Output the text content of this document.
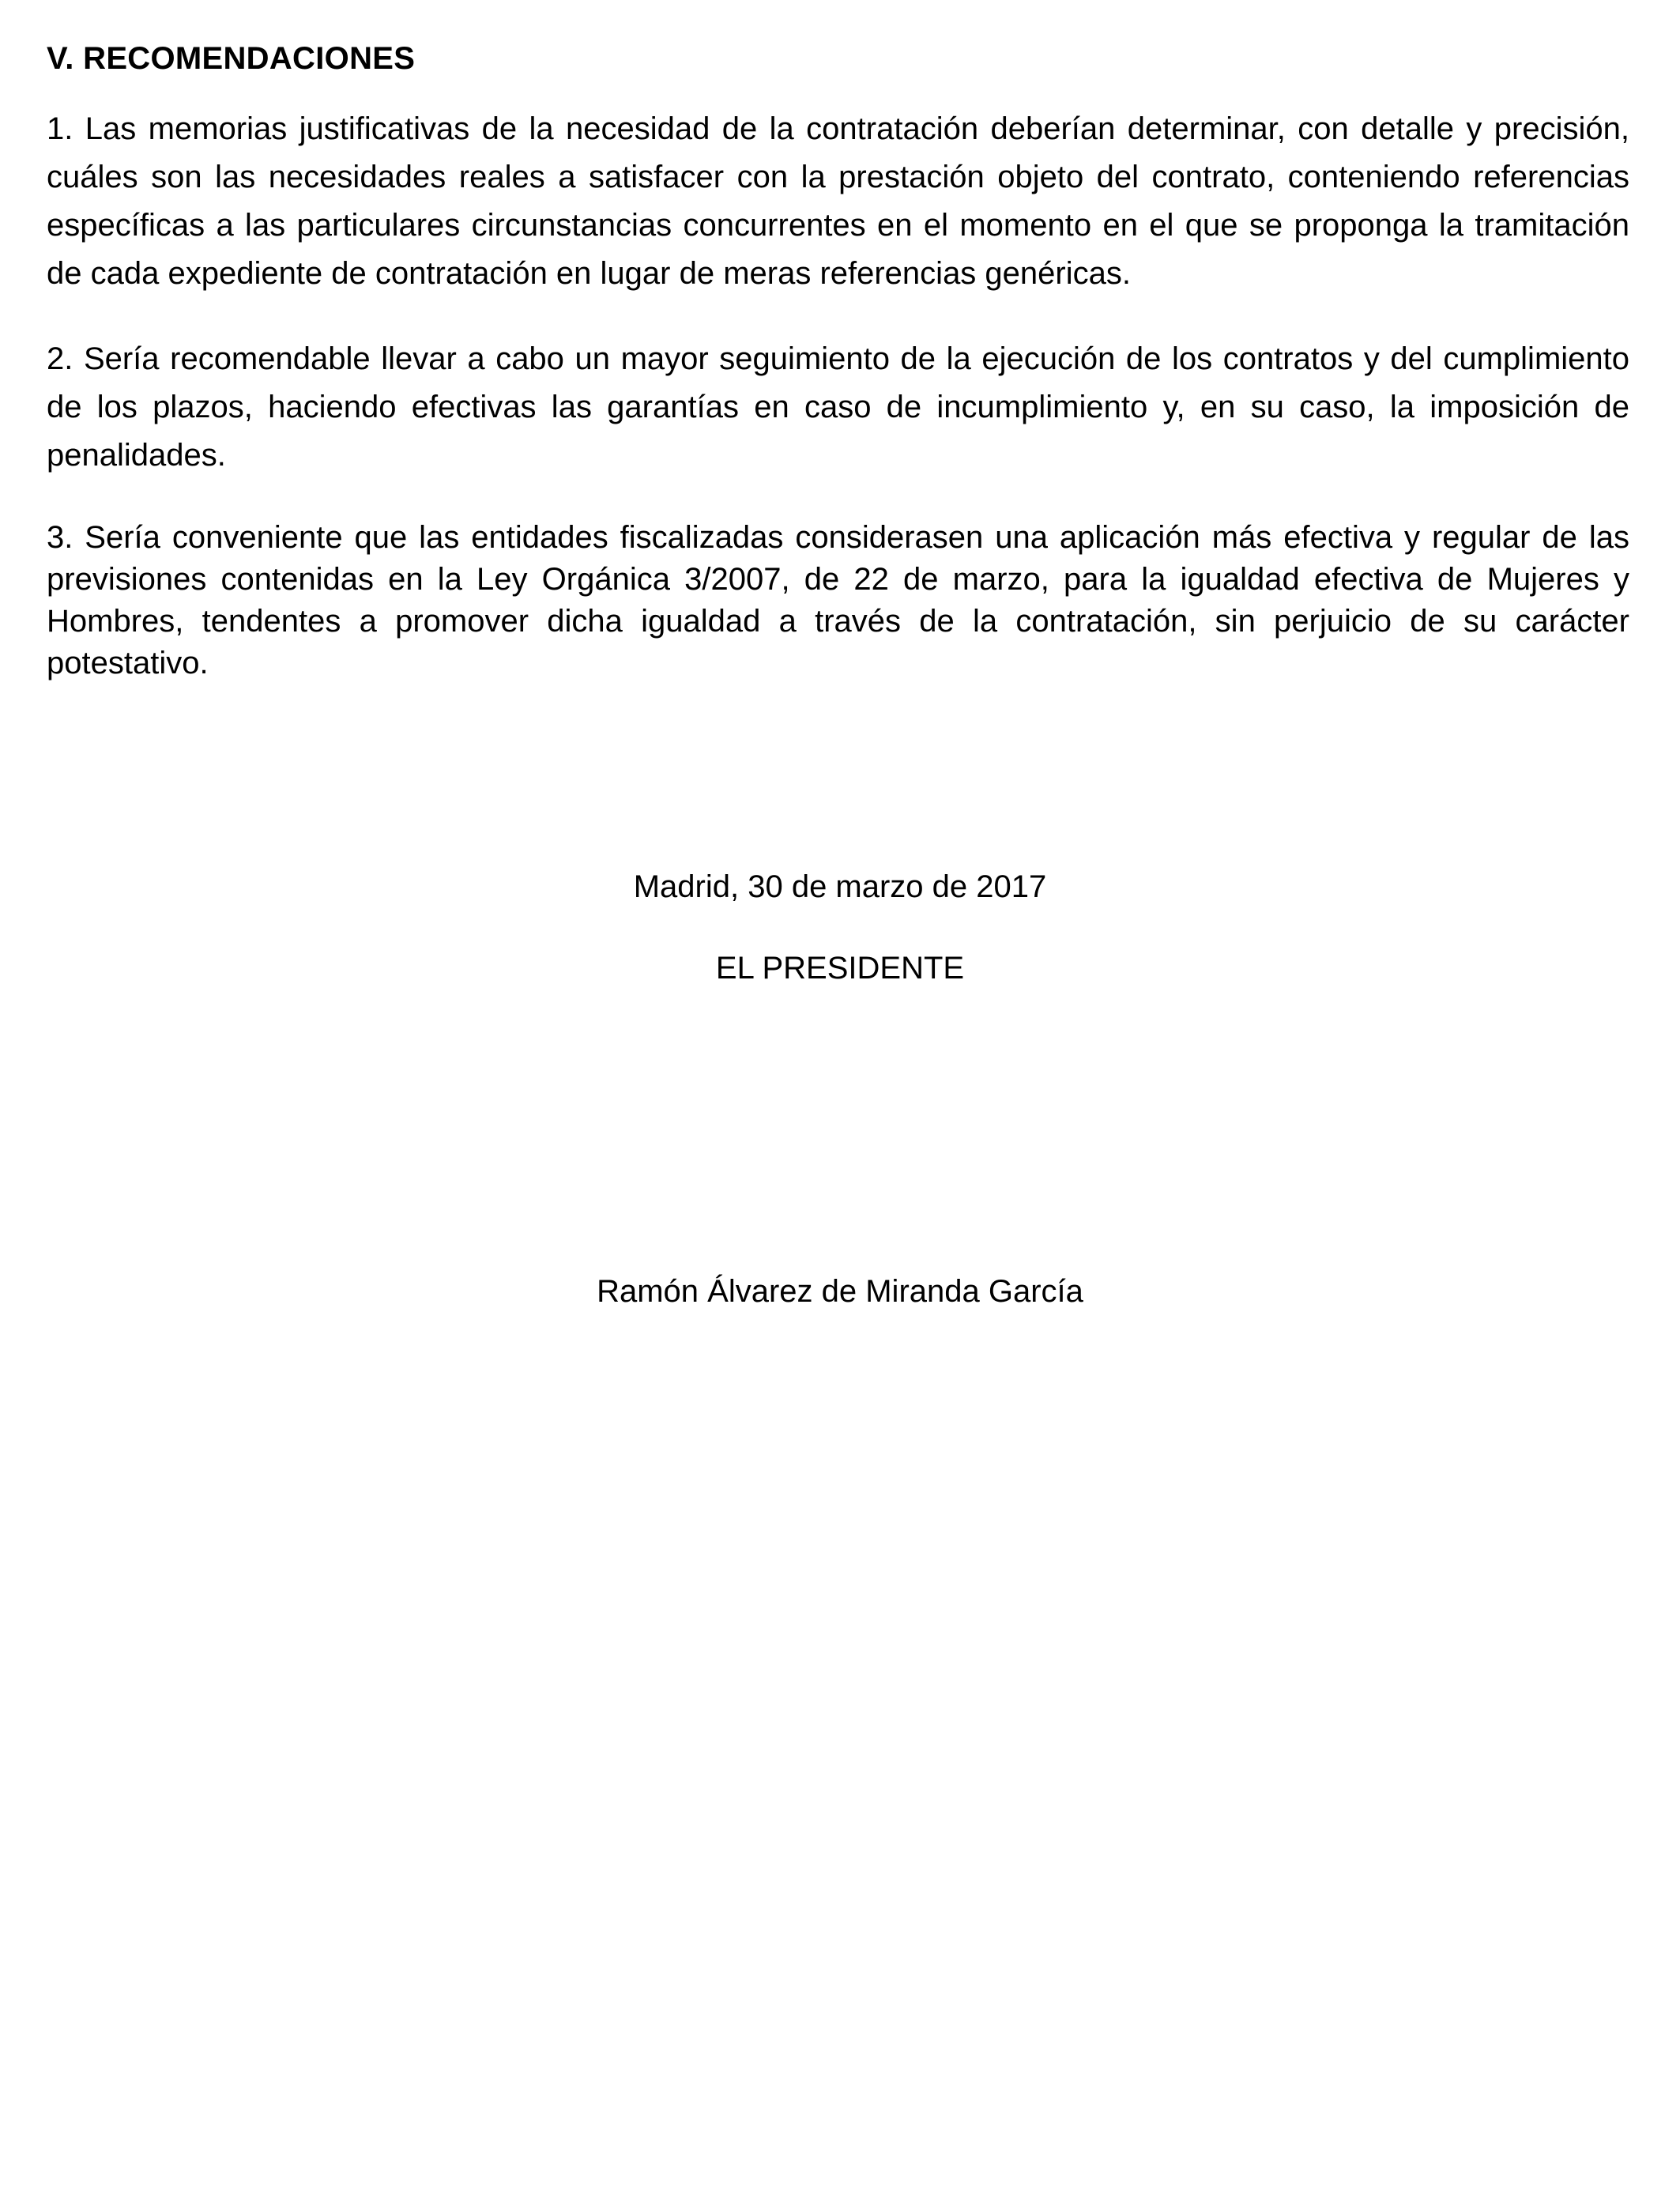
V. RECOMENDACIONES

1. Las memorias justificativas de la necesidad de la contratación deberían determinar, con detalle y precisión, cuáles son las necesidades reales a satisfacer con la prestación objeto del contrato, conteniendo referencias específicas a las particulares circunstancias concurrentes en el momento en el que se proponga la tramitación de cada expediente de contratación en lugar de meras referencias genéricas.

2. Sería recomendable llevar a cabo un mayor seguimiento de la ejecución de los contratos y del cumplimiento de los plazos, haciendo efectivas las garantías en caso de incumplimiento y, en su caso, la imposición de penalidades.

3. Sería conveniente que las entidades fiscalizadas considerasen una aplicación más efectiva y regular de las previsiones contenidas en la Ley Orgánica 3/2007, de 22 de marzo, para la igualdad efectiva de Mujeres y Hombres, tendentes a promover dicha igualdad a través de la contratación, sin perjuicio de su carácter potestativo.

Madrid, 30 de marzo de 2017
EL PRESIDENTE
Ramón Álvarez de Miranda García
